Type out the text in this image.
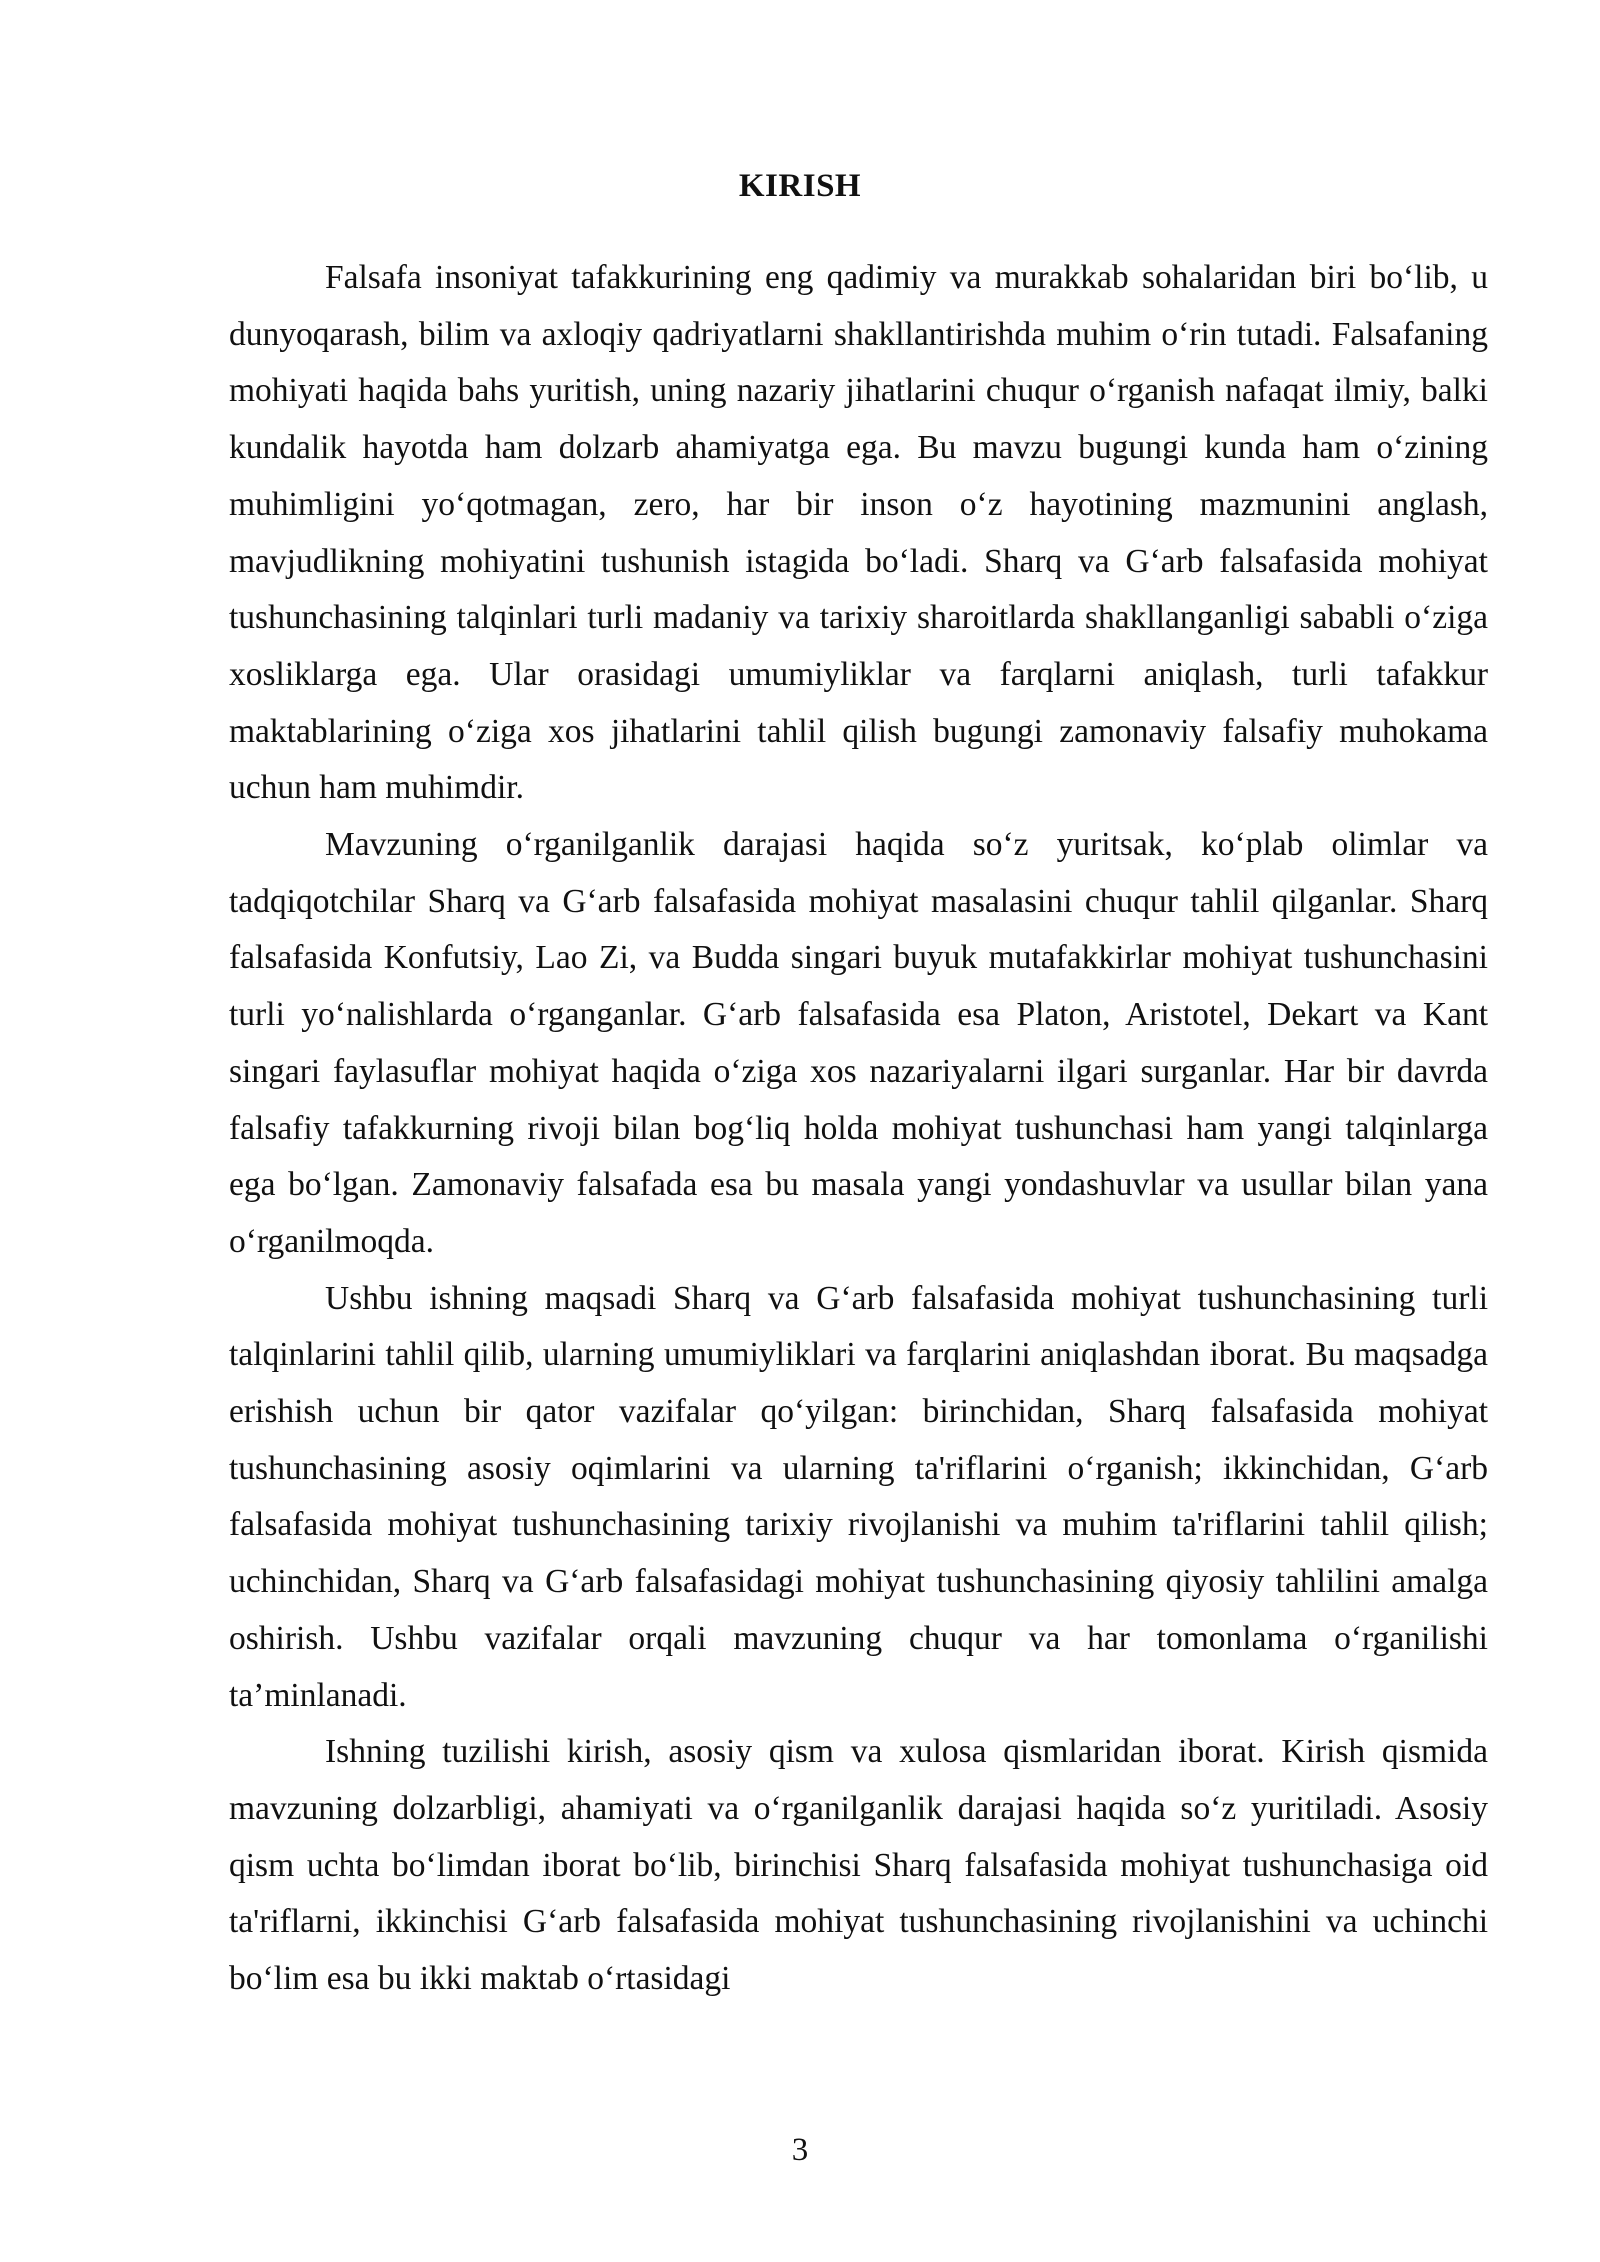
KIRISH

Falsafa insoniyat tafakkurining eng qadimiy va murakkab sohalaridan biri bo‘lib, u dunyoqarash, bilim va axloqiy qadriyatlarni shakllantirishda muhim o‘rin tutadi. Falsafaning mohiyati haqida bahs yuritish, uning nazariy jihatlarini chuqur o‘rganish nafaqat ilmiy, balki kundalik hayotda ham dolzarb ahamiyatga ega. Bu mavzu bugungi kunda ham o‘zining muhimligini yo‘qotmagan, zero, har bir inson o‘z hayotining mazmunini anglash, mavjudlikning mohiyatini tushunish istagida bo‘ladi. Sharq va G‘arb falsafasida mohiyat tushunchasining talqinlari turli madaniy va tarixiy sharoitlarda shakllanganligi sababli o‘ziga xosliklarga ega. Ular orasidagi umumiyliklar va farqlarni aniqlash, turli tafakkur maktablarining o‘ziga xos jihatlarini tahlil qilish bugungi zamonaviy falsafiy muhokama uchun ham muhimdir.

Mavzuning o‘rganilganlik darajasi haqida so‘z yuritsak, ko‘plab olimlar va tadqiqotchilar Sharq va G‘arb falsafasida mohiyat masalasini chuqur tahlil qilganlar. Sharq falsafasida Konfutsiy, Lao Zi, va Budda singari buyuk mutafakkirlar mohiyat tushunchasini turli yo‘nalishlarda o‘rganganlar. G‘arb falsafasida esa Platon, Aristotel, Dekart va Kant singari faylasuflar mohiyat haqida o‘ziga xos nazariyalarni ilgari surganlar. Har bir davrda falsafiy tafakkurning rivoji bilan bog‘liq holda mohiyat tushunchasi ham yangi talqinlarga ega bo‘lgan. Zamonaviy falsafada esa bu masala yangi yondashuvlar va usullar bilan yana o‘rganilmoqda.

Ushbu ishning maqsadi Sharq va G‘arb falsafasida mohiyat tushunchasining turli talqinlarini tahlil qilib, ularning umumiyliklari va farqlarini aniqlashdan iborat. Bu maqsadga erishish uchun bir qator vazifalar qo‘yilgan: birinchidan, Sharq falsafasida mohiyat tushunchasining asosiy oqimlarini va ularning ta'riflarini o‘rganish; ikkinchidan, G‘arb falsafasida mohiyat tushunchasining tarixiy rivojlanishi va muhim ta'riflarini tahlil qilish; uchinchidan, Sharq va G‘arb falsafasidagi mohiyat tushunchasining qiyosiy tahlilini amalga oshirish. Ushbu vazifalar orqali mavzuning chuqur va har tomonlama o‘rganilishi ta’minlanadi.

Ishning tuzilishi kirish, asosiy qism va xulosa qismlaridan iborat. Kirish qismida mavzuning dolzarbligi, ahamiyati va o‘rganilganlik darajasi haqida so‘z yuritiladi. Asosiy qism uchta bo‘limdan iborat bo‘lib, birinchisi Sharq falsafasida mohiyat tushunchasiga oid ta'riflarni, ikkinchisi G‘arb falsafasida mohiyat tushunchasining rivojlanishini va uchinchi bo‘lim esa bu ikki maktab o‘rtasidagi

3
